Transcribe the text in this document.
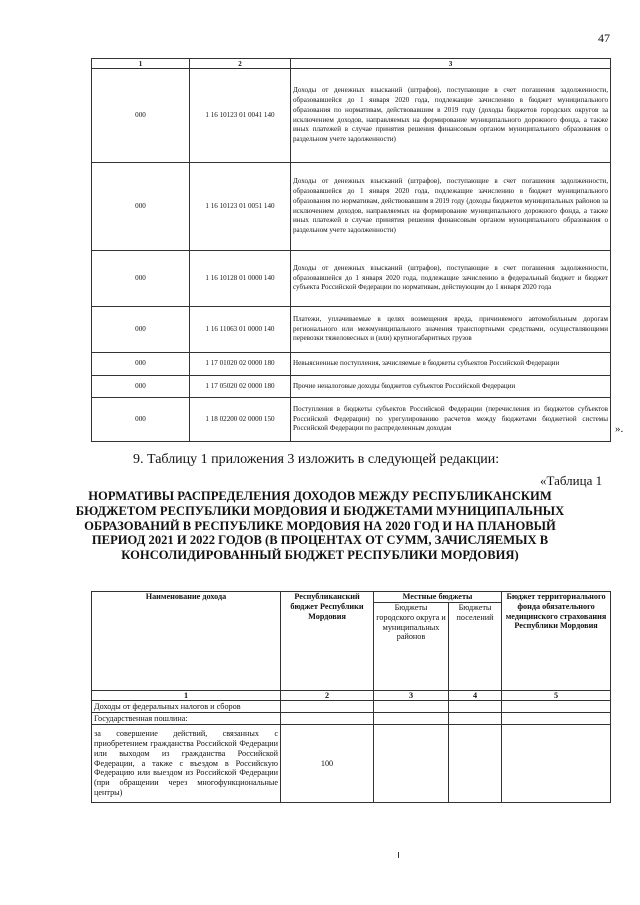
47
1	2	3
000	1 16 10123 01 0041 140	Доходы от денежных взысканий (штрафов), поступающие в счет погашения задолженности, образовавшейся до 1 января 2020 года, подлежащие зачислению в бюджет муниципального образования по нормативам, действовавшим в 2019 году (доходы бюджетов городских округов за исключением доходов, направляемых на формирование муниципального дорожного фонда, а также иных платежей в случае принятия решения финансовым органом муниципального образования о раздельном учете задолженности)
000	1 16 10123 01 0051 140	Доходы от денежных взысканий (штрафов), поступающие в счет погашения задолженности, образовавшейся до 1 января 2020 года, подлежащие зачислению в бюджет муниципального образования по нормативам, действовавшим в 2019 году (доходы бюджетов муниципальных районов за исключением доходов, направляемых на формирование муниципального дорожного фонда, а также иных платежей в случае принятия решения финансовым органом муниципального образования о раздельном учете задолженности)
000	1 16 10128 01 0000 140	Доходы от денежных взысканий (штрафов), поступающие в счет погашения задолженности, образовавшейся до 1 января 2020 года, подлежащие зачислению в федеральный бюджет и бюджет субъекта Российской Федерации по нормативам, действующим до 1 января 2020 года
000	1 16 11063 01 0000 140	Платежи, уплачиваемые в целях возмещения вреда, причиняемого автомобильным дорогам регионального или межмуниципального значения транспортными средствами, осуществляющими перевозки тяжеловесных и (или) крупногабаритных грузов
000	1 17 01020 02 0000 180	Невыясненные поступления, зачисляемые в бюджеты субъектов Российской Федерации
000	1 17 05020 02 0000 180	Прочие неналоговые доходы бюджетов субъектов Российской Федерации
000	1 18 02200 02 0000 150	Поступления в бюджеты субъектов Российской Федерации (перечисления из бюджетов субъектов Российской Федерации) по урегулированию расчетов между бюджетами бюджетной системы Российской Федерации по распределенным доходам	».
9. Таблицу 1 приложения 3 изложить в следующей редакции:
«Таблица 1
НОРМАТИВЫ РАСПРЕДЕЛЕНИЯ ДОХОДОВ МЕЖДУ РЕСПУБЛИКАНСКИМ БЮДЖЕТОМ РЕСПУБЛИКИ МОРДОВИЯ И БЮДЖЕТАМИ МУНИЦИПАЛЬНЫХ ОБРАЗОВАНИЙ В РЕСПУБЛИКЕ МОРДОВИЯ НА 2020 ГОД И НА ПЛАНОВЫЙ ПЕРИОД 2021 И 2022 ГОДОВ (В ПРОЦЕНТАХ ОТ СУММ, ЗАЧИСЛЯЕМЫХ В КОНСОЛИДИРОВАННЫЙ БЮДЖЕТ РЕСПУБЛИКИ МОРДОВИЯ)
Наименование дохода	Республиканский бюджет Республики Мордовия	Местные бюджеты		Бюджет территориального фонда обязательного медицинского страхования Республики Мордовия
		Бюджеты городского округа и муниципальных районов	Бюджеты поселений	
1	2	3	4	5
Доходы от федеральных налогов и сборов				
Государственная пошлина:				
за совершение действий, связанных с приобретением гражданства Российской Федерации или выходом из гражданства Российской Федерации, а также с въездом в Российскую Федерацию или выездом из Российской Федерации (при обращении через многофункциональные центры)	100			
